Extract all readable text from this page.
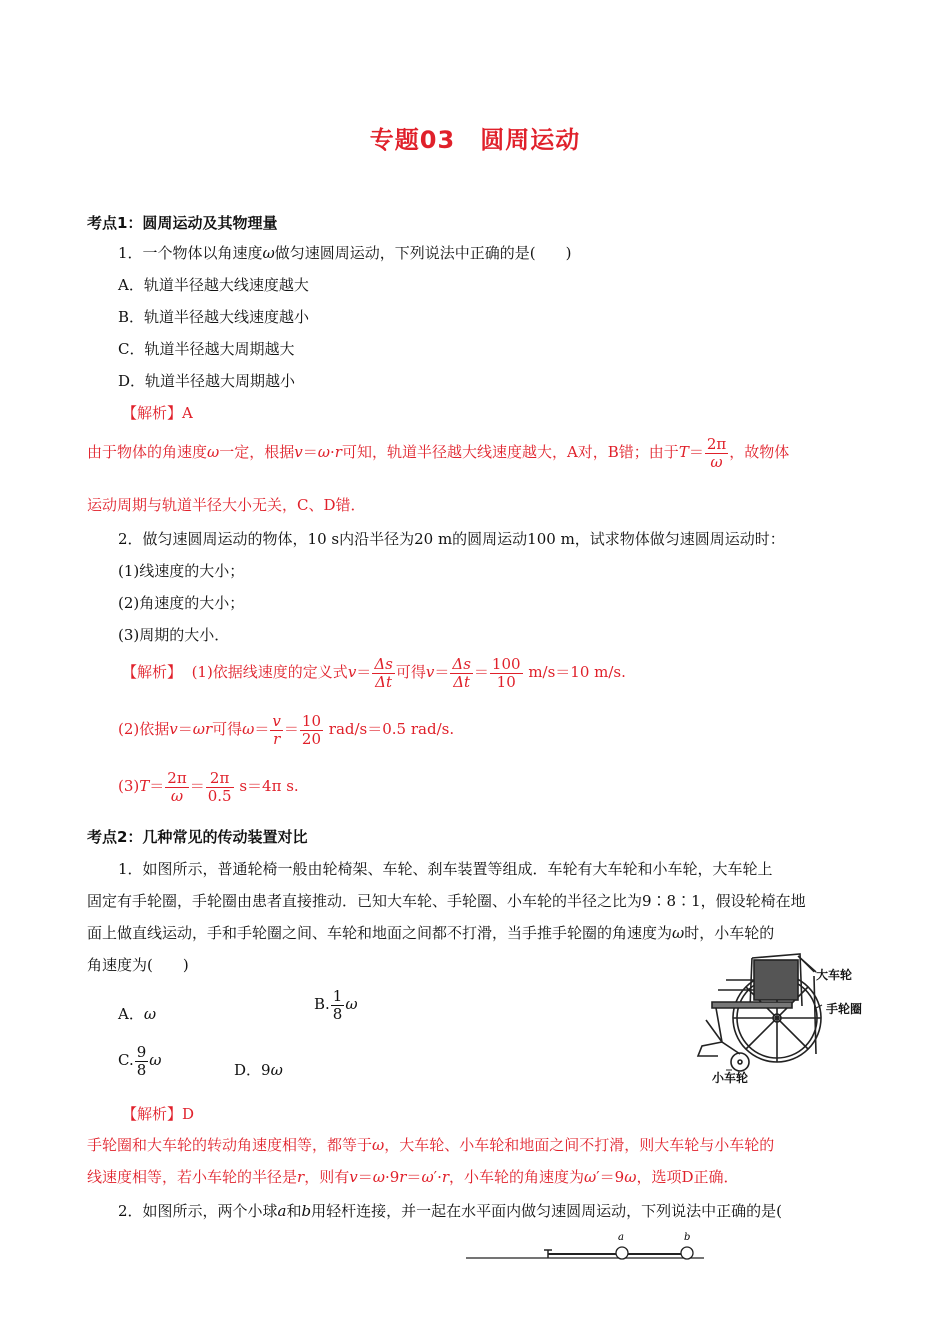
专题03　圆周运动
考点1：圆周运动及其物理量
1．一个物体以角速度ω做匀速圆周运动，下列说法中正确的是(　　)
A．轨道半径越大线速度越大
B．轨道半径越大线速度越小
C．轨道半径越大周期越大
D．轨道半径越大周期越小
【解析】A
由于物体的角速度ω一定，根据v＝ω·r可知，轨道半径越大线速度越大，A对，B错；由于$T= \frac{2\pi}{\omega}$ ，故物体
运动周期与轨道半径大小无关，C、D错．
2．做匀速圆周运动的物体，10 s内沿半径为20 m的圆周运动100 m，试求物体做匀速圆周运动时：
(1)线速度的大小；
(2)角速度的大小；
(3)周期的大小．
【解析】 (1)依据线速度的定义式$v= \frac{\Delta s}{\Delta t}$ 可得$v= \frac{\Delta s}{\Delta t} = \frac{100}{10} m/s=10$ m/s.
(2)依据v＝ωr可得$\omega= \frac{v}{r} = \frac{10}{20} rad/s=0.5$ rad/s.
$(3)T= \frac{2\pi}{\omega} = \frac{2\pi}{0.5} s=4\pi$ s.
考点2：几种常见的传动装置对比
1．如图所示，普通轮椅一般由轮椅架、车轮、刹车装置等组成．车轮有大车轮和小车轮，大车轮上
固定有手轮圈，手轮圈由患者直接推动．已知大车轮、手轮圈、小车轮的半径之比为9∶8∶1，假设轮椅在地
面上做直线运动，手和手轮圈之间、车轮和地面之间都不打滑，当手推手轮圈的角速度为ω时，小车轮的
角速度为(　　)
A．ω
B. $\frac{1}{8}$ ω
C. $\frac{9}{8}$ ω
D．9ω
大车轮
手轮圈
小车轮
【解析】D
手轮圈和大车轮的转动角速度相等，都等于ω，大车轮、小车轮和地面之间不打滑，则大车轮与小车轮的
线速度相等，若小车轮的半径是r，则有v＝ω·9r＝ω′·r，小车轮的角速度为ω′＝9ω，选项D正确．
2．如图所示，两个小球a和b用轻杆连接，并一起在水平面内做匀速圆周运动，下列说法中正确的是(
a	b
